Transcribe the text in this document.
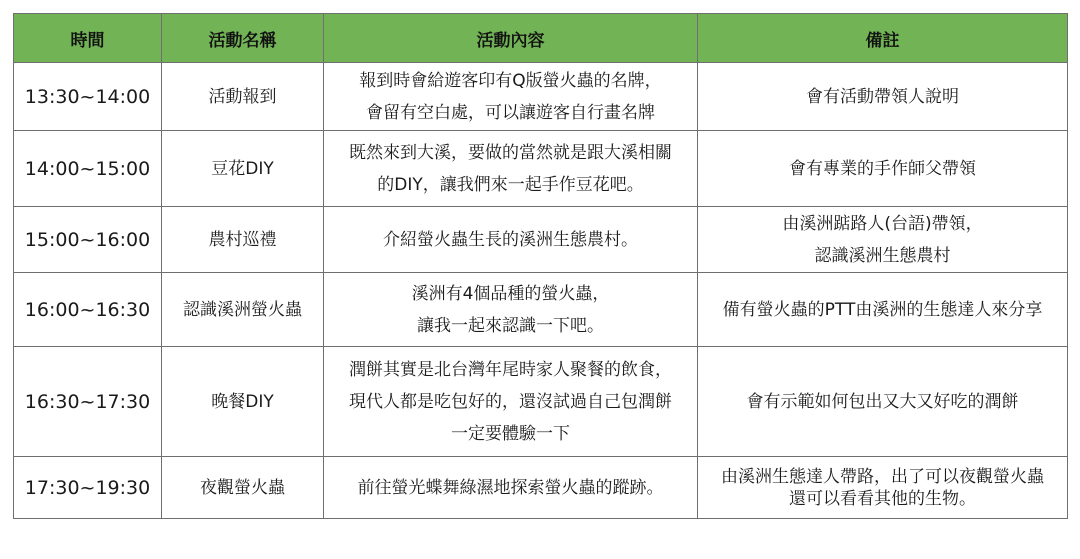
時間	活動名稱	活動內容	備註
13:30~14:00	活動報到	報到時會給遊客印有Q版螢火蟲的名牌，
會留有空白處，可以讓遊客自行畫名牌	會有活動帶領人說明

14:00~15:00	豆花DIY	既然來到大溪，要做的當然就是跟大溪相關
的DIY，讓我們來一起手作豆花吧。	會有專業的手作師父帶領

15:00~16:00	農村巡禮	介紹螢火蟲生長的溪洲生態農村。	由溪洲踮路人(台語)帶領，
認識溪洲生態農村

16:00~16:30	認識溪洲螢火蟲	溪洲有4個品種的螢火蟲，
讓我一起來認識一下吧。	備有螢火蟲的PTT由溪洲的生態達人來分享

16:30~17:30	晚餐DIY	潤餅其實是北台灣年尾時家人聚餐的飲食，
現代人都是吃包好的，還沒試過自己包潤餅
一定要體驗一下	會有示範如何包出又大又好吃的潤餅

17:30~19:30	夜觀螢火蟲	前往螢光蝶舞綠濕地探索螢火蟲的蹤跡。	由溪洲生態達人帶路，出了可以夜觀螢火蟲
還可以看看其他的生物。
